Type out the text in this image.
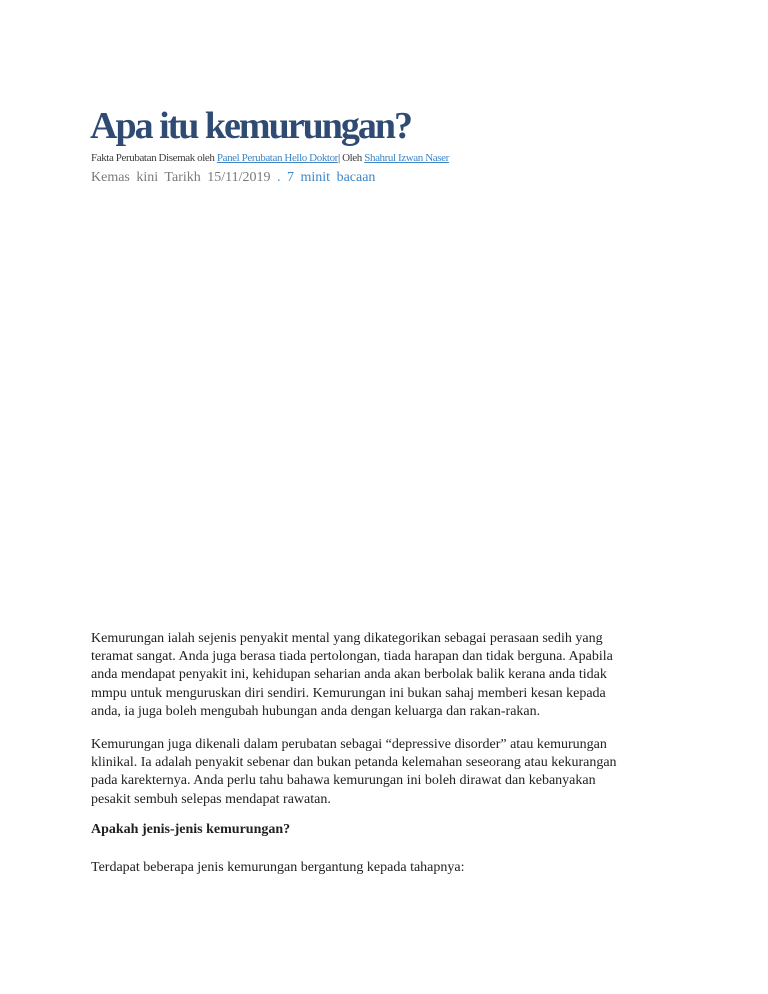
Apa itu kemurungan?
Fakta Perubatan Disemak oleh Panel Perubatan Hello Doktor| Oleh Shahrul Izwan Naser
Kemas kini Tarikh 15/11/2019 . 7 minit bacaan

Kemurungan ialah sejenis penyakit mental yang dikategorikan sebagai perasaan sedih yang
teramat sangat. Anda juga berasa tiada pertolongan, tiada harapan dan tidak berguna. Apabila
anda mendapat penyakit ini, kehidupan seharian anda akan berbolak balik kerana anda tidak
mmpu untuk menguruskan diri sendiri. Kemurungan ini bukan sahaj memberi kesan kepada
anda, ia juga boleh mengubah hubungan anda dengan keluarga dan rakan-rakan.

Kemurungan juga dikenali dalam perubatan sebagai “depressive disorder” atau kemurungan
klinikal. Ia adalah penyakit sebenar dan bukan petanda kelemahan seseorang atau kekurangan
pada karekternya. Anda perlu tahu bahawa kemurungan ini boleh dirawat dan kebanyakan
pesakit sembuh selepas mendapat rawatan.

Apakah jenis-jenis kemurungan?

Terdapat beberapa jenis kemurungan bergantung kepada tahapnya:
